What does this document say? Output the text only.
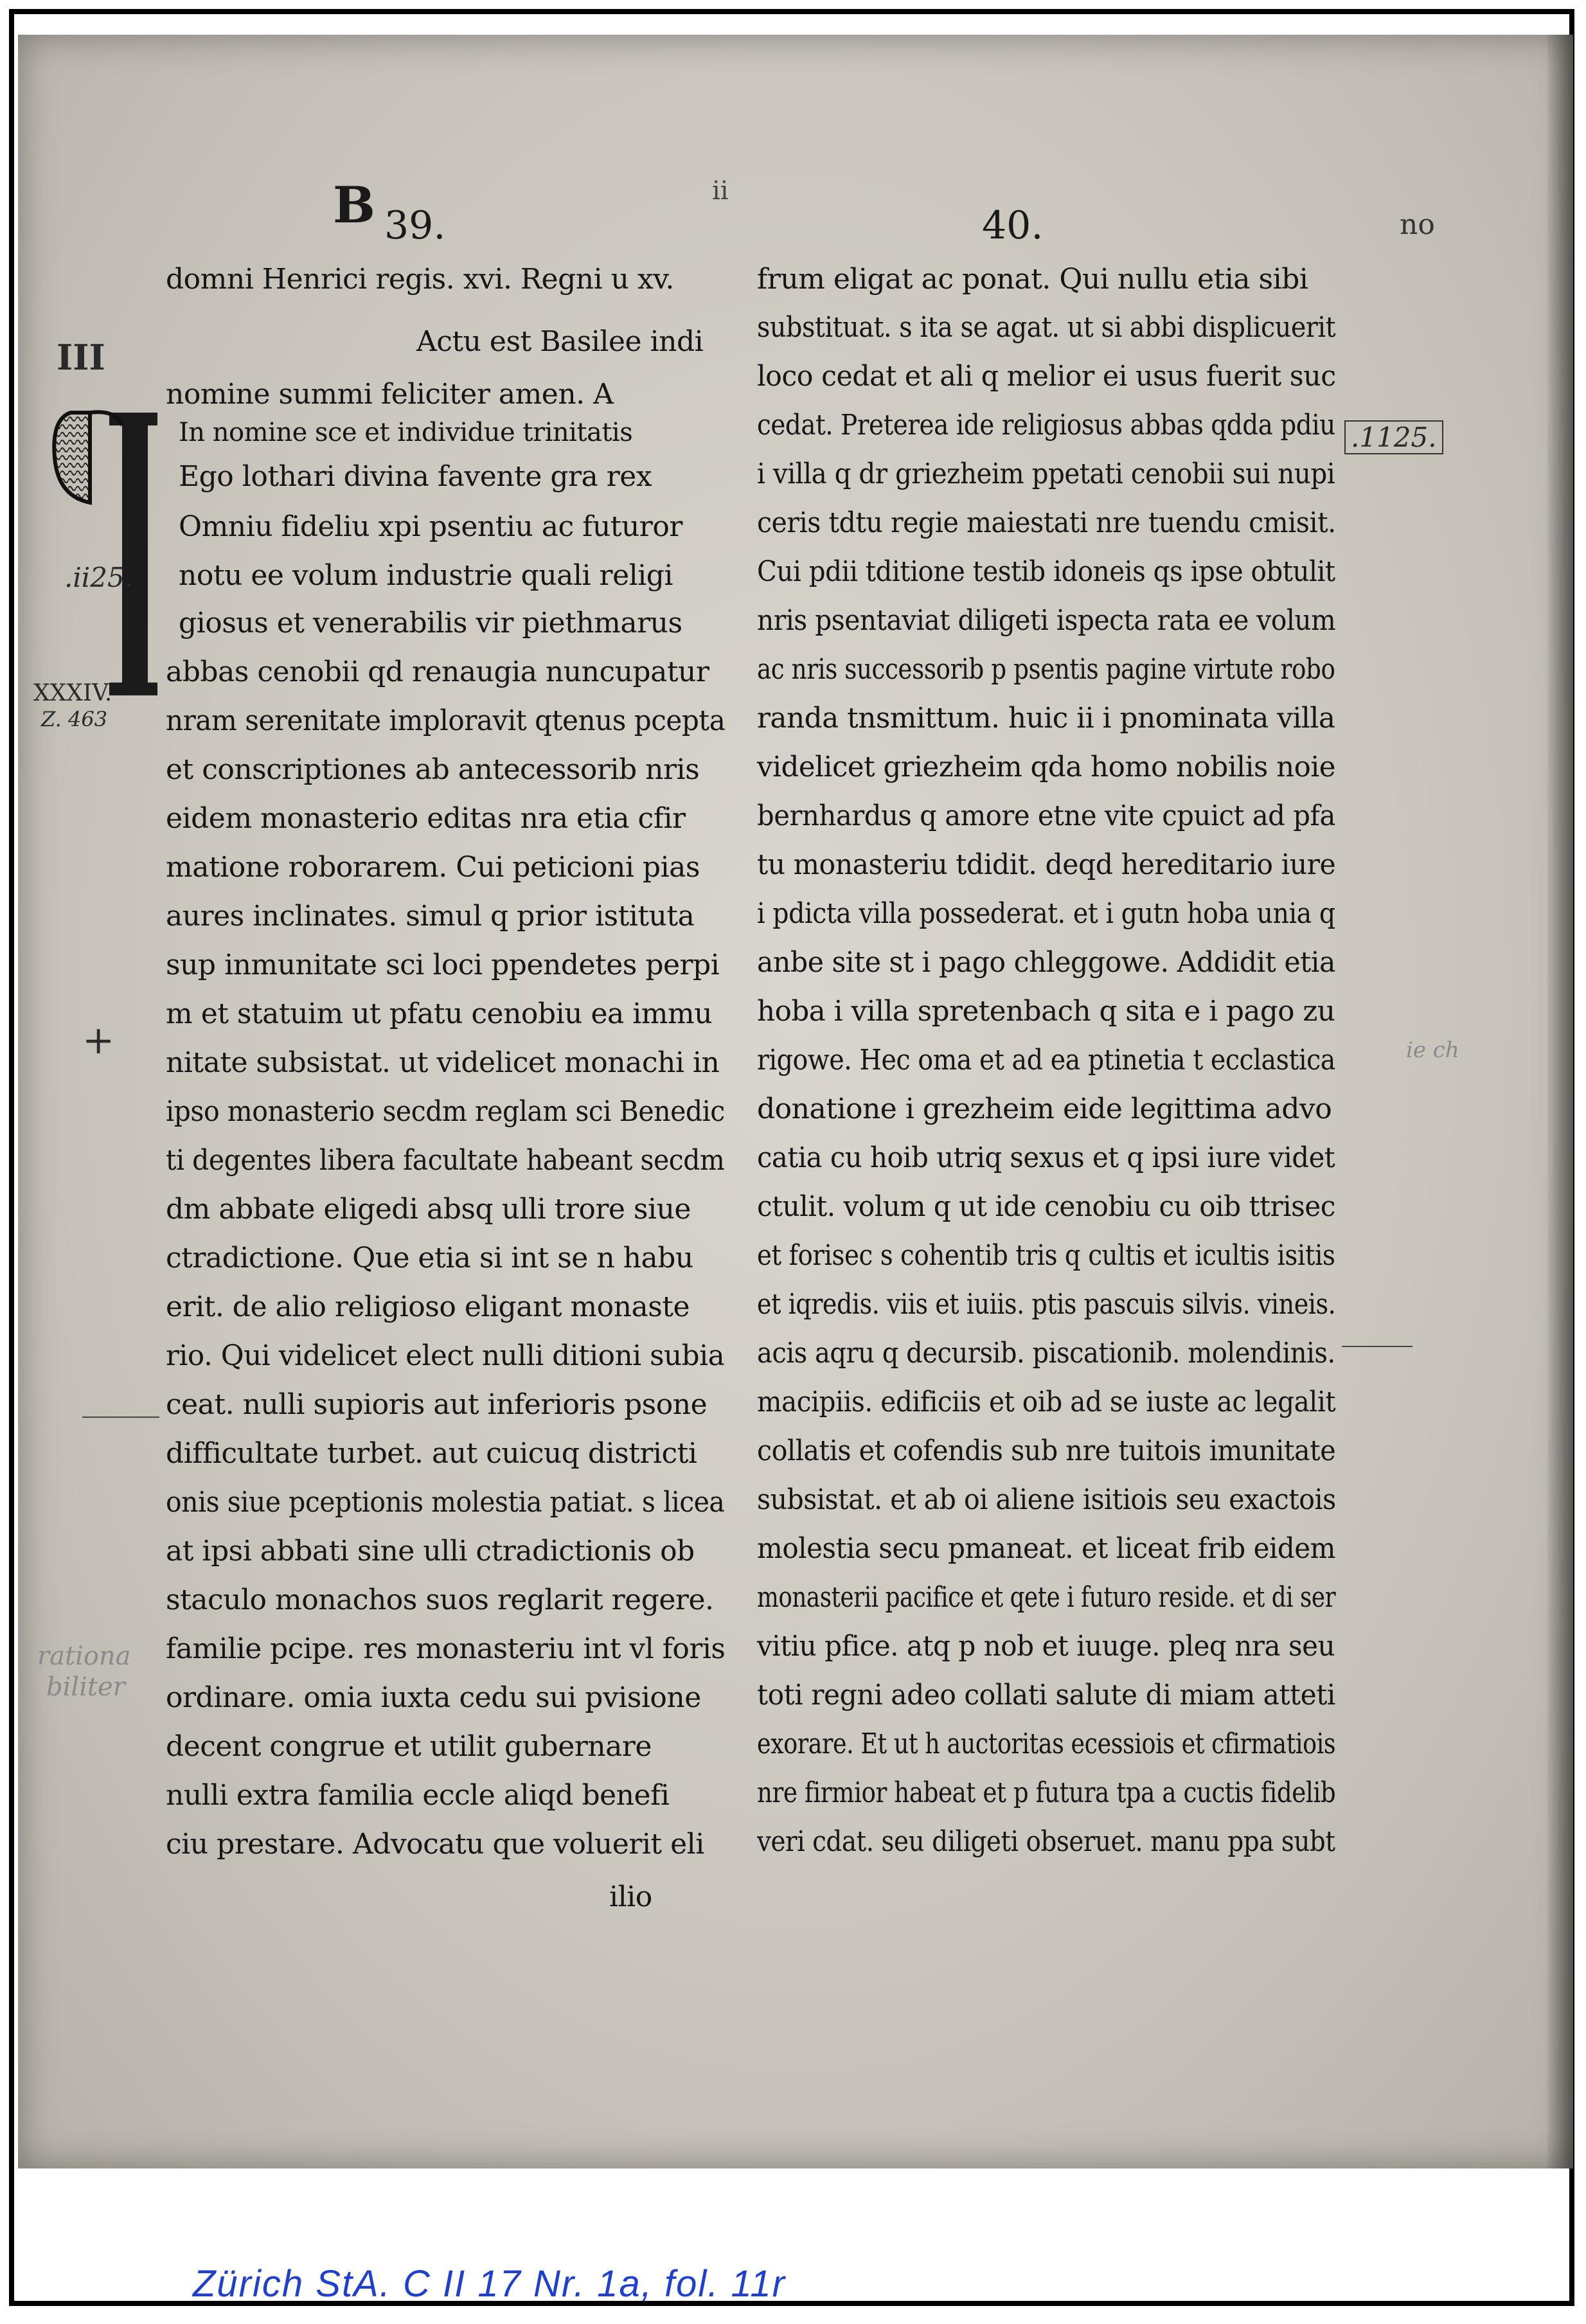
B 39.
ii
40.	no
III
.ii25.
XXXIV.
Z. 463
+
rationa
biliter
.1125.
ie ch
domni Henrici regis. xvi. Regni u xv.
Actu est Basilee indi
nomine summi feliciter amen. A
In nomine sce et individue trinitatis
Ego lothari divina favente gra rex
Omniu fideliu xpi psentiu ac futuror
notu ee volum industrie quali religi
giosus et venerabilis vir piethmarus
abbas cenobii qd renaugia nuncupatur
nram serenitate imploravit qtenus pcepta
et conscriptiones ab antecessorib nris
eidem monasterio editas nra etia cfir
matione roborarem. Cui peticioni pias
aures inclinates. simul q prior istituta
sup inmunitate sci loci ppendetes perpi
m et statuim ut pfatu cenobiu ea immu
nitate subsistat. ut videlicet monachi in
ipso monasterio secdm reglam sci Benedic
ti degentes libera facultate habeant secdm
dm abbate eligedi absq ulli trore siue
ctradictione. Que etia si int se n habu
erit. de alio religioso eligant monaste
rio. Qui videlicet elect nulli ditioni subia
ceat. nulli supioris aut inferioris psone
difficultate turbet. aut cuicuq districti
onis siue pceptionis molestia patiat. s licea
at ipsi abbati sine ulli ctradictionis ob
staculo monachos suos reglarit regere.
familie pcipe. res monasteriu int vl foris
ordinare. omia iuxta cedu sui pvisione
decent congrue et utilit gubernare
nulli extra familia eccle aliqd benefi
ciu prestare. Advocatu que voluerit eli
ilio
frum eligat ac ponat. Qui nullu etia sibi
substituat. s ita se agat. ut si abbi displicuerit
loco cedat et ali q melior ei usus fuerit suc
cedat. Preterea ide religiosus abbas qdda pdiu
i villa q dr griezheim ppetati cenobii sui nupi
ceris tdtu regie maiestati nre tuendu cmisit.
Cui pdii tditione testib idoneis qs ipse obtulit
nris psentaviat diligeti ispecta rata ee volum
ac nris successorib p psentis pagine virtute robo
randa tnsmittum. huic ii i pnominata villa
videlicet griezheim qda homo nobilis noie
bernhardus q amore etne vite cpuict ad pfa
tu monasteriu tdidit. deqd hereditario iure
i pdicta villa possederat. et i gutn hoba unia q
anbe site st i pago chleggowe. Addidit etia
hoba i villa spretenbach q sita e i pago zu
rigowe. Hec oma et ad ea ptinetia t ecclastica
donatione i grezheim eide legittima advo
catia cu hoib utriq sexus et q ipsi iure videt
ctulit. volum q ut ide cenobiu cu oib ttrisec
et forisec s cohentib tris q cultis et icultis isitis
et iqredis. viis et iuiis. ptis pascuis silvis. vineis.
acis aqru q decursib. piscationib. molendinis.
macipiis. edificiis et oib ad se iuste ac legalit
collatis et cofendis sub nre tuitois imunitate
subsistat. et ab oi aliene isitiois seu exactois
molestia secu pmaneat. et liceat frib eidem
monasterii pacifice et qete i futuro reside. et di ser
vitiu pfice. atq p nob et iuuge. pleq nra seu
toti regni adeo collati salute di miam atteti
exorare. Et ut h auctoritas ecessiois et cfirmatiois
nre firmior habeat et p futura tpa a cuctis fidelib
veri cdat. seu diligeti obseruet. manu ppa subt
Zürich StA. C II 17 Nr. 1a, fol. 11r
